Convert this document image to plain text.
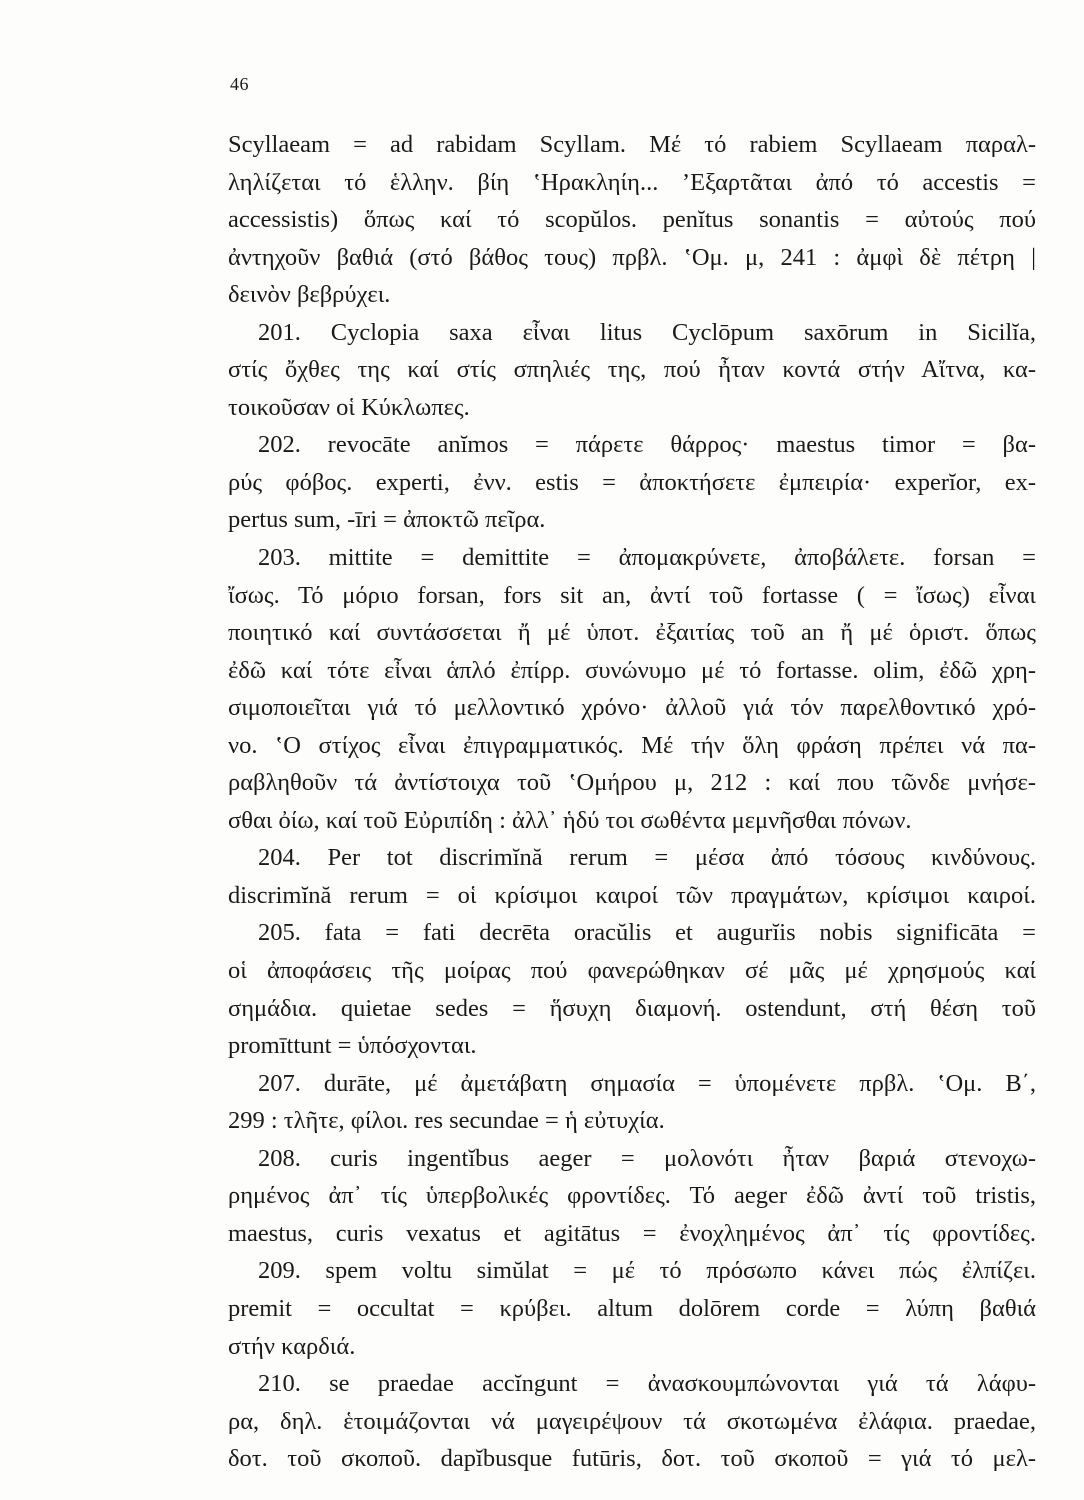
46
Scyllaeam = ad rabidam Scyllam. Μέ τό rabiem Scyllaeam παραλ-
ληλίζεται τό ἑλλην. βίη ʽΗρακληίη... ʼΕξαρτᾶται ἀπό τό accestis =
accessistis) ὅπως καί τό scopŭlos. penĭtus sonantis = αὐτούς πού
ἀντηχοῦν βαθιά (στό βάθος τους) πρβλ. ʽΟμ. μ, 241 : ἀμφὶ δὲ πέτρη |
δεινὸν βεβρύχει.
201. Cyclopia saxa εἶναι litus Cyclōpum saxōrum in Sicilĭa,
στίς ὄχθες της καί στίς σπηλιές της, πού ἦταν κοντά στήν Αἴτνα, κα-
τοικοῦσαν οἱ Κύκλωπες.
202. revocāte anĭmos = πάρετε θάρρος· maestus timor = βα-
ρύς φόβος. experti, ἐνν. estis = ἀποκτήσετε ἐμπειρία· experĭor, ex-
pertus sum, -īri = ἀποκτῶ πεῖρα.
203. mittite = demittite = ἀπομακρύνετε, ἀποβάλετε. forsan =
ἴσως. Τό μόριο forsan, fors sit an, ἀντί τοῦ fortasse ( = ἴσως) εἶναι
ποιητικό καί συντάσσεται ἤ μέ ὑποτ. ἐξαιτίας τοῦ an ἤ μέ ὁριστ. ὅπως
ἐδῶ καί τότε εἶναι ἁπλό ἐπίρρ. συνώνυμο μέ τό fortasse. olim, ἐδῶ χρη-
σιμοποιεῖται γιά τό μελλοντικό χρόνο· ἀλλοῦ γιά τόν παρελθοντικό χρό-
νο. ʽΟ στίχος εἶναι ἐπιγραμματικός. Μέ τήν ὅλη φράση πρέπει νά πα-
ραβληθοῦν τά ἀντίστοιχα τοῦ ʽΟμήρου μ, 212 : καί που τῶνδε μνήσε-
σθαι ὀίω, καί τοῦ Εὐριπίδη : ἀλλ᾽ ἡδύ τοι σωθέντα μεμνῆσθαι πόνων.
204. Per tot discrimĭnă rerum = μέσα ἀπό τόσους κινδύνους.
discrimĭnă rerum = οἱ κρίσιμοι καιροί τῶν πραγμάτων, κρίσιμοι καιροί.
205. fata = fati decrēta oracŭlis et augurĭis nobis significāta =
οἱ ἀποφάσεις τῆς μοίρας πού φανερώθηκαν σέ μᾶς μέ χρησμούς καί
σημάδια. quietae sedes = ἥσυχη διαμονή. ostendunt, στή θέση τοῦ
promīttunt = ὑπόσχονται.
207. durāte, μέ ἀμετάβατη σημασία = ὑπομένετε πρβλ. ʽΟμ. Β΄,
299 : τλῆτε, φίλοι. res secundae = ἡ εὐτυχία.
208. curis ingentĭbus aeger = μολονότι ἦταν βαριά στενοχω-
ρημένος ἀπ᾽ τίς ὑπερβολικές φροντίδες. Τό aeger ἐδῶ ἀντί τοῦ tristis,
maestus, curis vexatus et agitātus = ἐνοχλημένος ἀπ᾽ τίς φροντίδες.
209. spem voltu simŭlat = μέ τό πρόσωπο κάνει πώς ἐλπίζει.
premit = occultat = κρύβει. altum dolōrem corde = λύπη βαθιά
στήν καρδιά.
210. se praedae accĭngunt = ἀνασκουμπώνονται γιά τά λάφυ-
ρα, δηλ. ἑτοιμάζονται νά μαγειρέψουν τά σκοτωμένα ἐλάφια. praedae,
δοτ. τοῦ σκοποῦ. dapĭbusque futūris, δοτ. τοῦ σκοποῦ = γιά τό μελ-
